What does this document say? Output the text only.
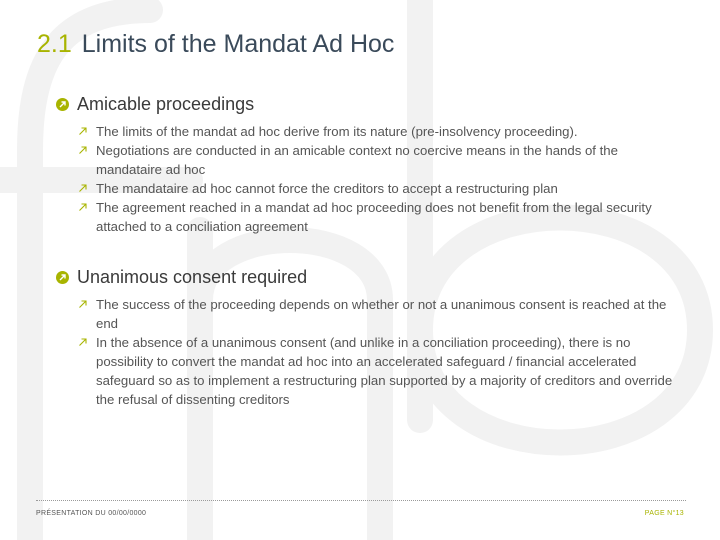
2.1 Limits of the Mandat Ad Hoc
Amicable proceedings
The limits of the mandat ad hoc derive from its nature (pre-insolvency proceeding).
Negotiations are conducted in an amicable context no coercive means in the hands of the mandataire ad hoc
The mandataire ad hoc cannot force the creditors to accept a restructuring plan
The agreement reached in a mandat ad hoc proceeding does not benefit from the legal security attached to a conciliation agreement
Unanimous consent required
The success of the proceeding depends on whether or not a unanimous consent is reached at the end
In the absence of a unanimous consent (and unlike in a conciliation proceeding), there is no possibility to convert the mandat ad hoc into an accelerated safeguard / financial accelerated safeguard so as to implement a restructuring plan supported by a majority of creditors and override the refusal of dissenting creditors
PRÉSENTATION DU 00/00/0000	PAGE N°13
